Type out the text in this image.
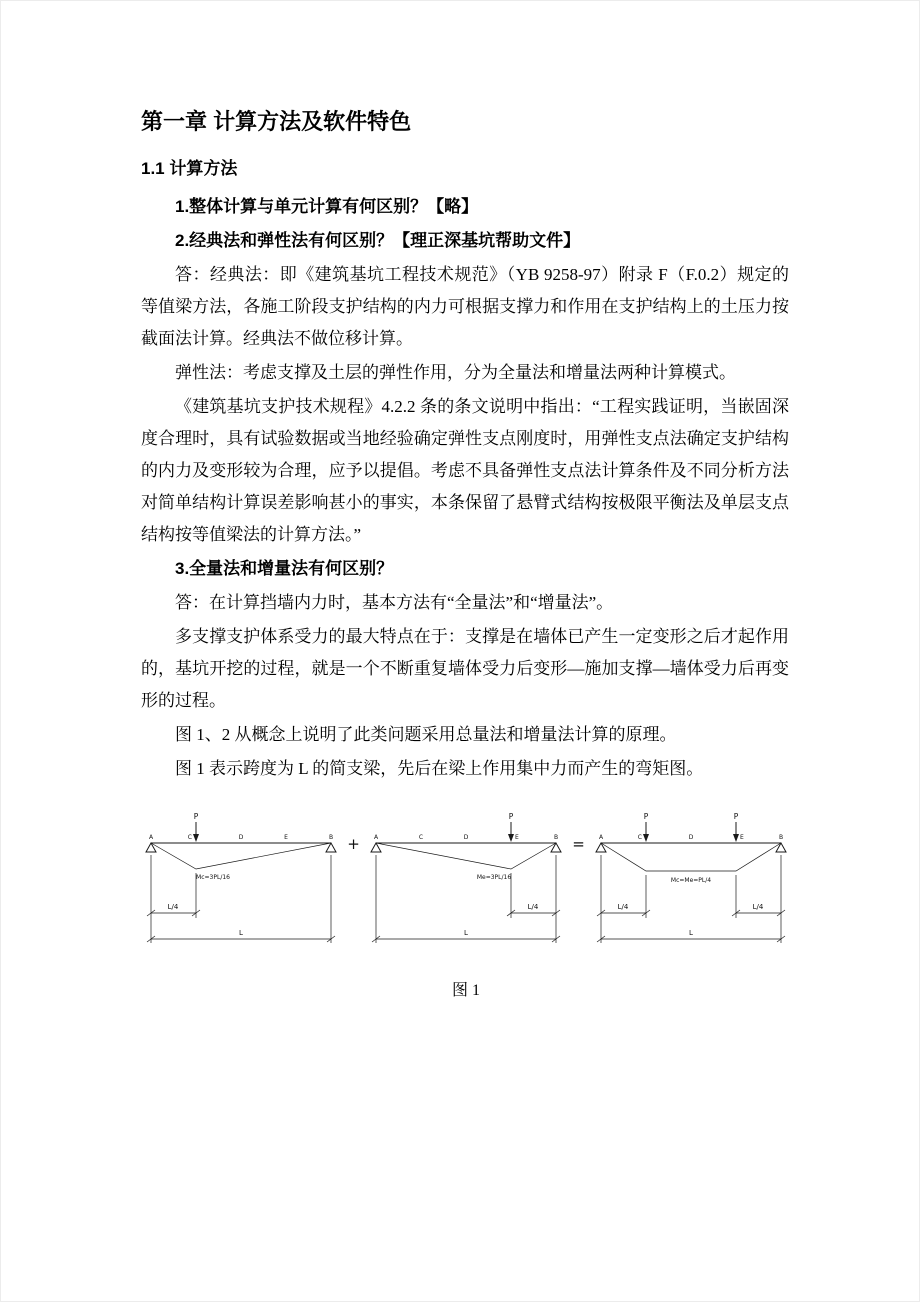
第一章 计算方法及软件特色
1.1 计算方法

1.整体计算与单元计算有何区别？【略】

2.经典法和弹性法有何区别？【理正深基坑帮助文件】

答：经典法：即《建筑基坑工程技术规范》（YB 9258-97）附录 F（F.0.2）规定的等值梁方法，各施工阶段支护结构的内力可根据支撑力和作用在支护结构上的土压力按截面法计算。经典法不做位移计算。

弹性法：考虑支撑及土层的弹性作用，分为全量法和增量法两种计算模式。

《建筑基坑支护技术规程》4.2.2 条的条文说明中指出：“工程实践证明，当嵌固深度合理时，具有试验数据或当地经验确定弹性支点刚度时，用弹性支点法确定支护结构的内力及变形较为合理，应予以提倡。考虑不具备弹性支点法计算条件及不同分析方法对简单结构计算误差影响甚小的事实，本条保留了悬臂式结构按极限平衡法及单层支点结构按等值梁法的计算方法。”

3.全量法和增量法有何区别？

答：在计算挡墙内力时，基本方法有“全量法”和“增量法”。

多支撑支护体系受力的最大特点在于：支撑是在墙体已产生一定变形之后才起作用的，基坑开挖的过程，就是一个不断重复墙体受力后变形—施加支撑—墙体受力后再变形的过程。

图 1、2 从概念上说明了此类问题采用总量法和增量法计算的原理。

图 1 表示跨度为 L 的简支梁，先后在梁上作用集中力而产生的弯矩图。

P
A	C	D	E	B
Mc=3PL/16
L/4
L
+
P
A	C	D	E	B
Me=3PL/16
L/4
L
=
P	P
A	C	D	E	B
Mc=Me=PL/4
L/4	L/4
L
图 1
